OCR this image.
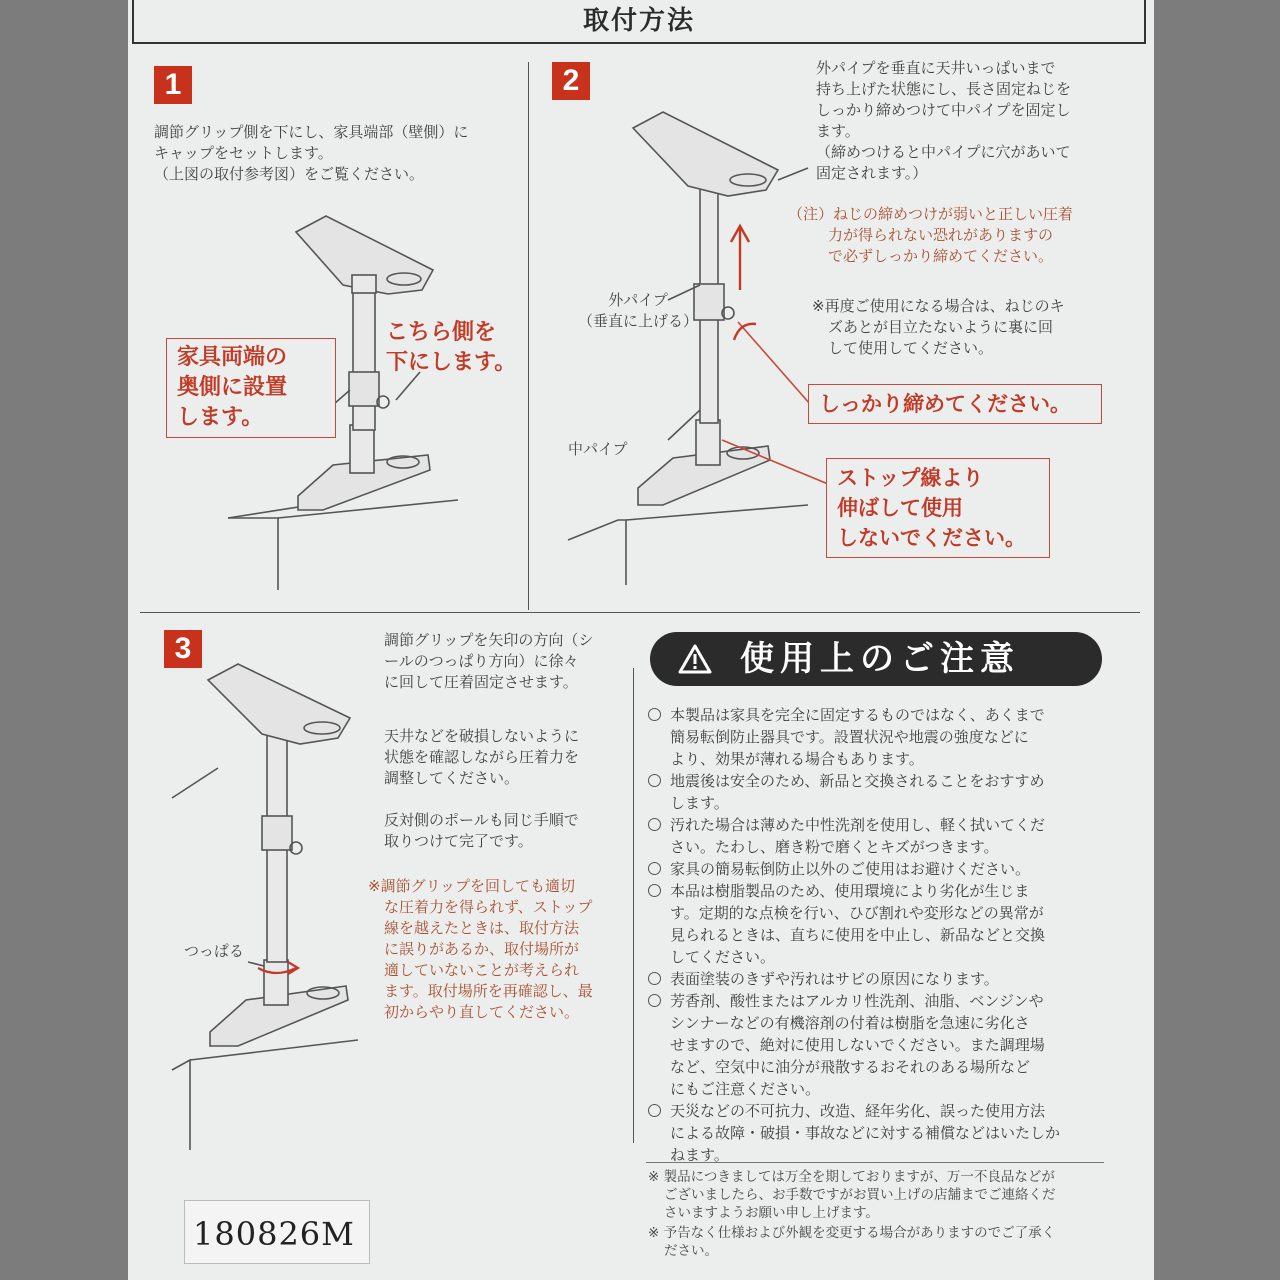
取付方法
1

調節グリップ側を下にし、家具端部（壁側）に
キャップをセットします。
（上図の取付参考図）をご覧ください。

家具両端の
奥側に設置
します。
こちら側を
下にします。
2	外パイプを垂直に天井いっぱいまで
持ち上げた状態にし、長さ固定ねじを
しっかり締めつけて中パイプを固定し
ます。
（締めつけると中パイプに穴があいて
固定されます。）

（注）ねじの締めつけが弱いと正しい圧着
力が得られない恐れがありますの
で必ずしっかり締めてください。

※再度ご使用になる場合は、ねじのキ
ズあとが目立たないように裏に回
して使用してください。

外パイプ
（垂直に上げる）
中パイプ
しっかり締めてください。
ストップ線より
伸ばして使用
しないでください。
3	調節グリップを矢印の方向（シ
ールのつっぱり方向）に徐々
に回して圧着固定させます。

天井などを破損しないように
状態を確認しながら圧着力を
調整してください。

反対側のポールも同じ手順で
取りつけて完了です。

※調節グリップを回しても適切
な圧着力を得られず、ストップ
線を越えたときは、取付方法
に誤りがあるか、取付場所が
適していないことが考えられ
ます。取付場所を再確認し、最
初からやり直してください。

つっぱる
使用上のご注意
本製品は家具を完全に固定するものではなく、あくまで
簡易転倒防止器具です。設置状況や地震の強度などに
より、効果が薄れる場合もあります。
地震後は安全のため、新品と交換されることをおすすめ
します。
汚れた場合は薄めた中性洗剤を使用し、軽く拭いてくだ
さい。たわし、磨き粉で磨くとキズがつきます。
家具の簡易転倒防止以外のご使用はお避けください。
本品は樹脂製品のため、使用環境により劣化が生じま
す。定期的な点検を行い、ひび割れや変形などの異常が
見られるときは、直ちに使用を中止し、新品などと交換
してください。
表面塗装のきずや汚れはサビの原因になります。
芳香剤、酸性またはアルカリ性洗剤、油脂、ベンジンや
シンナーなどの有機溶剤の付着は樹脂を急速に劣化さ
せますので、絶対に使用しないでください。また調理場
など、空気中に油分が飛散するおそれのある場所など
にもご注意ください。
天災などの不可抗力、改造、経年劣化、誤った使用方法
による故障・破損・事故などに対する補償などはいたしか
ねます。

※ 製品につきましては万全を期しておりますが、万一不良品などが
ございましたら、お手数ですがお買い上げの店舗までご連絡くだ
さいますようお願い申し上げます。

※ 予告なく仕様および外観を変更する場合がありますのでご了承く
ださい。

180826M
